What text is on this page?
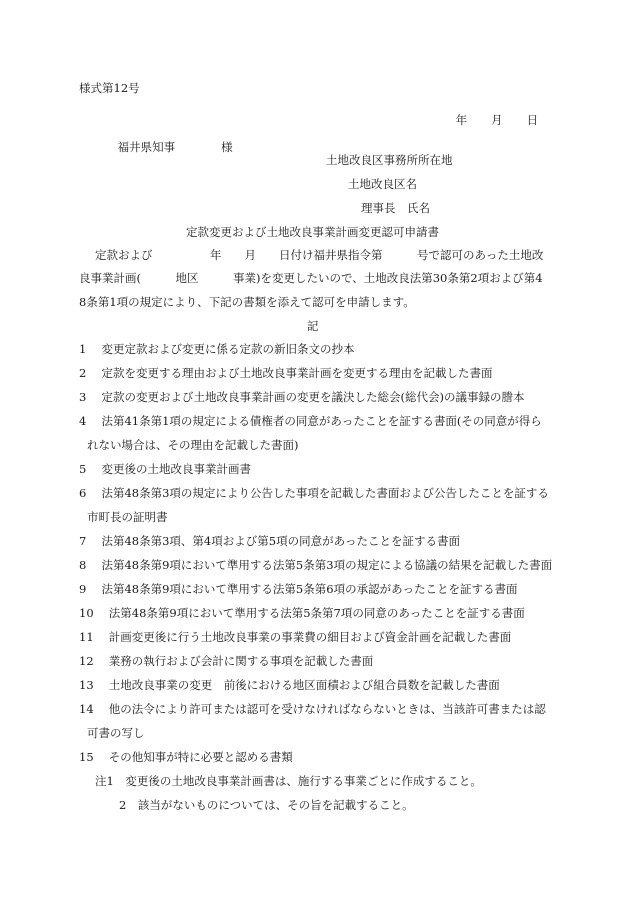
様式第12号

年 月 日

福井県知事	様

土地改良区事務所所在地
土地改良区名
理事長　氏名
定款変更および土地改良事業計画変更認可申請書
定款および　　　　　年　　月　　日付け福井県指令第　　　号で認可のあった土地改
良事業計画(　　　地区　　　事業)を変更したいので、土地改良法第30条第2項および第4
8条第1項の規定により、下記の書類を添えて認可を申請します。
記
1　 変更定款および変更に係る定款の新旧条文の抄本
2　 定款を変更する理由および土地改良事業計画を変更する理由を記載した書面
3　 定款の変更および土地改良事業計画の変更を議決した総会(総代会)の議事録の謄本
4　 法第41条第1項の規定による債権者の同意があったことを証する書面(その同意が得ら
れない場合は、その理由を記載した書面)
5　 変更後の土地改良事業計画書
6　 法第48条第3項の規定により公告した事項を記載した書面および公告したことを証する
市町長の証明書
7　 法第48条第3項、第4項および第5項の同意があったことを証する書面
8　 法第48条第9項において準用する法第5条第3項の規定による協議の結果を記載した書面
9　 法第48条第9項において準用する法第5条第6項の承認があったことを証する書面
10　 法第48条第9項において準用する法第5条第7項の同意のあったことを証する書面
11　 計画変更後に行う土地改良事業の事業費の細目および資金計画を記載した書面
12　 業務の執行および会計に関する事項を記載した書面
13　 土地改良事業の変更　前後における地区面積および組合員数を記載した書面
14　 他の法令により許可または認可を受けなければならないときは、当該許可書または認
可書の写し
15　 その他知事が特に必要と認める書類
注1　 変更後の土地改良事業計画書は、施行する事業ごとに作成すること。
2　 該当がないものについては、その旨を記載すること。
